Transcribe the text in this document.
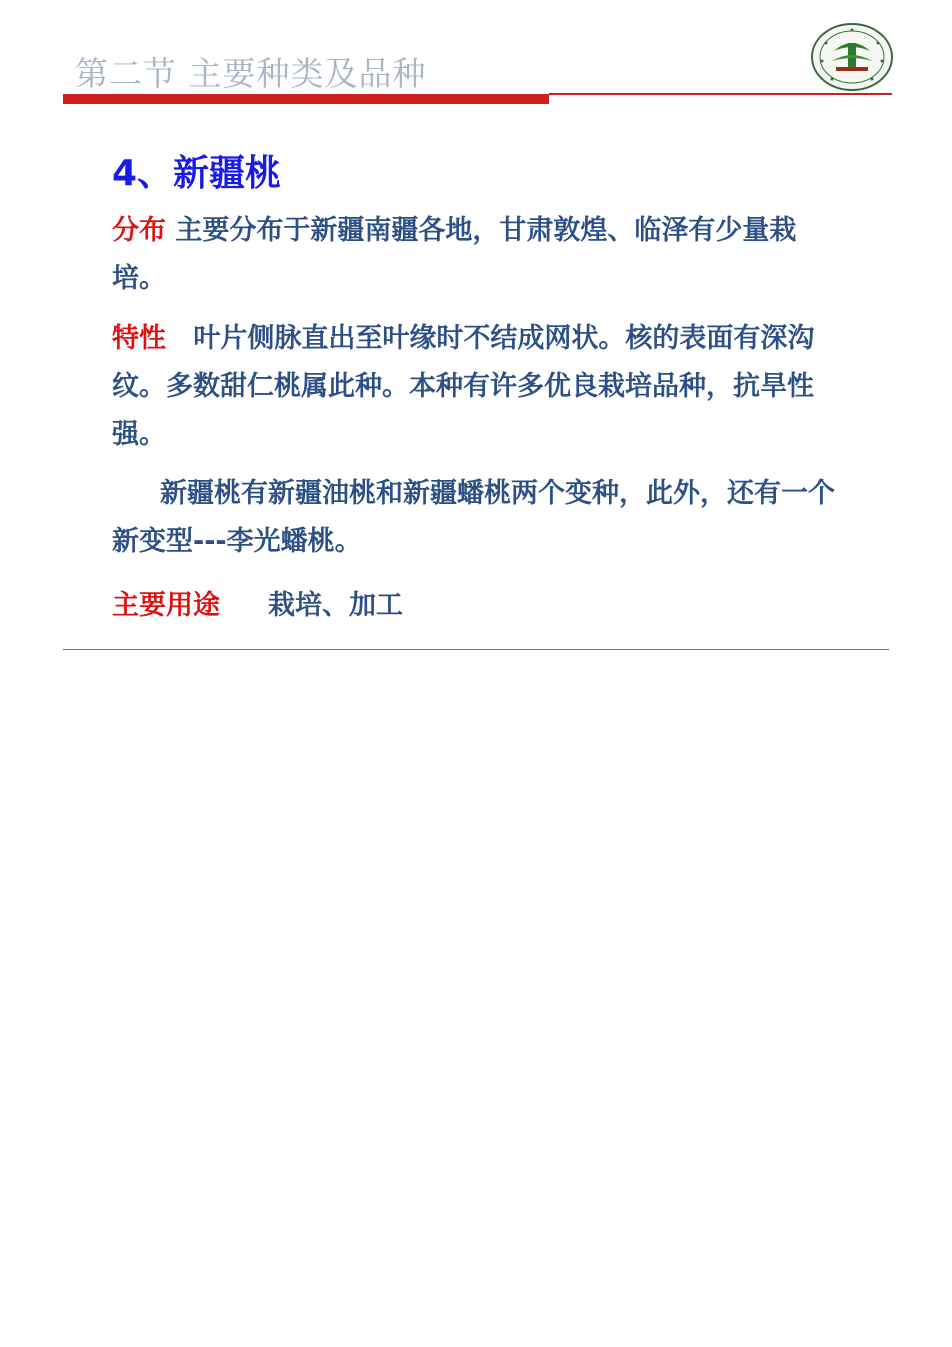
第二节 主要种类及品种
4、新疆桃
分布 主要分布于新疆南疆各地，甘肃敦煌、临泽有少量栽培。
特性 叶片侧脉直出至叶缘时不结成网状。核的表面有深沟纹。多数甜仁桃属此种。本种有许多优良栽培品种，抗旱性强。
新疆桃有新疆油桃和新疆蟠桃两个变种，此外，还有一个新变型---李光蟠桃。
主要用途 栽培、加工
